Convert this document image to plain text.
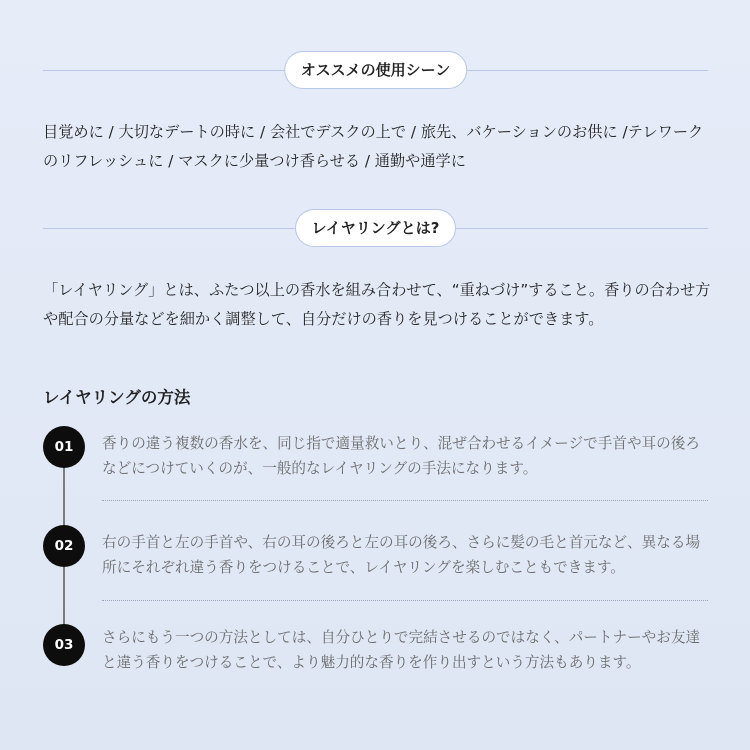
オススメの使用シーン
目覚めに / 大切なデートの時に / 会社でデスクの上で / 旅先、バケーションのお供に /テレワークのリフレッシュに / マスクに少量つけ香らせる / 通勤や通学に
レイヤリングとは?
「レイヤリング」とは、ふたつ以上の香水を組み合わせて、“重ねづけ”すること。香りの合わせ方や配合の分量などを細かく調整して、自分だけの香りを見つけることができます。
レイヤリングの方法
01	香りの違う複数の香水を、同じ指で適量救いとり、混ぜ合わせるイメージで手首や耳の後ろなどにつけていくのが、一般的なレイヤリングの手法になります。
02	右の手首と左の手首や、右の耳の後ろと左の耳の後ろ、さらに髪の毛と首元など、異なる場所にそれぞれ違う香りをつけることで、レイヤリングを楽しむこともできます。
03	さらにもう一つの方法としては、自分ひとりで完結させるのではなく、パートナーやお友達と違う香りをつけることで、より魅力的な香りを作り出すという方法もあります。
